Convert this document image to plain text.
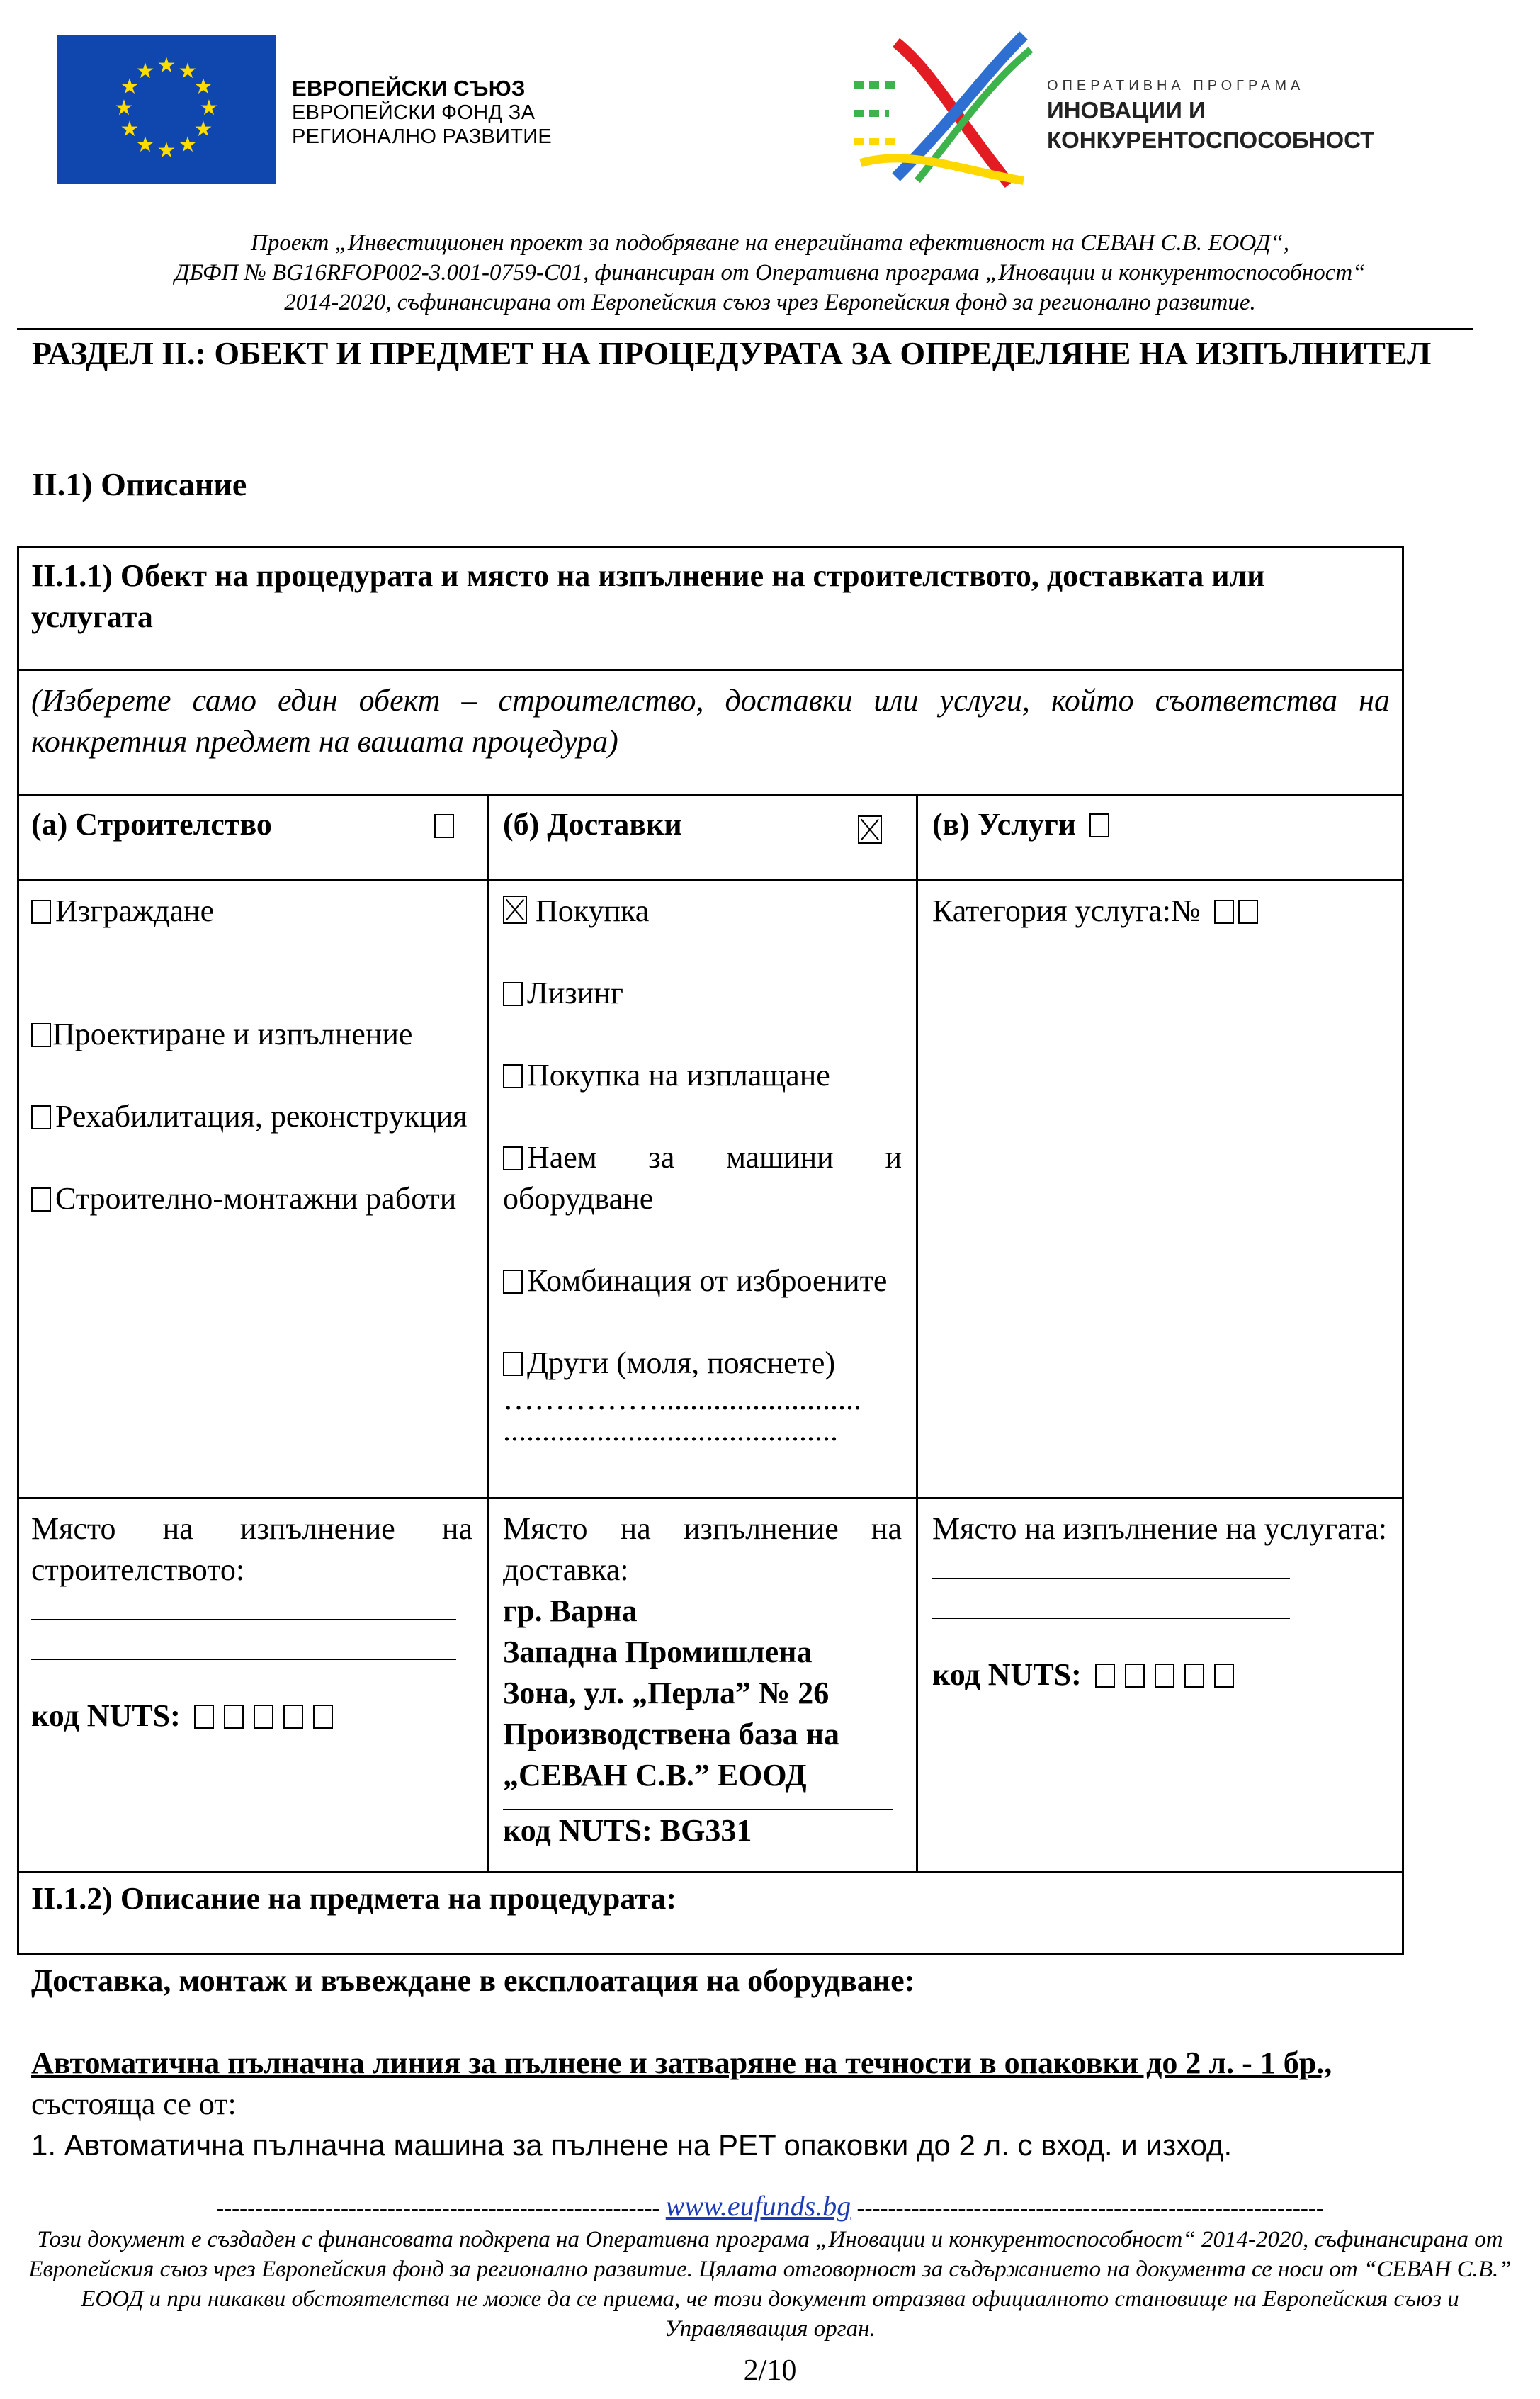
★ ★
★
★
★
★
★
★
★
★
★
★
ЕВРОПЕЙСКИ СЪЮЗ
ЕВРОПЕЙСКИ ФОНД ЗА
РЕГИОНАЛНО РАЗВИТИЕ
ОПЕРАТИВНА ПРОГРАМА
ИНОВАЦИИ И
КОНКУРЕНТОСПОСОБНОСТ
Проект „Инвестиционен проект за подобряване на енергийната ефективност на СЕВАН С.В. ЕООД“,
ДБФП № BG16RFOP002-3.001-0759-C01, финансиран от Оперативна програма „Иновации и конкурентоспособност“
2014-2020, съфинансирана от Европейския съюз чрез Европейския фонд за регионално развитие.
РАЗДЕЛ II.: ОБЕКТ И ПРЕДМЕТ НА ПРОЦЕДУРАТА ЗА ОПРЕДЕЛЯНЕ НА ИЗПЪЛНИТЕЛ
II.1) Описание
II.1.1) Обект на процедурата и място на изпълнение на строителството, доставката или услугата
(Изберете само един обект – строителство, доставки или услуги, който съответства на конкретния предмет на вашата процедура)
(а) Строителство	(б) Доставки	(в) Услуги
Изграждане
Проектиране и изпълнение
Рехабилитация, реконструкция
Строително-монтажни работи
Покупка
Лизинг
Покупка на изплащане
Наем за машини и оборудване
Комбинация от изброените
Други (моля, пояснете)
……………..........................
...........................................
Категория услуга:№
Място на изпълнение на строителството:
код NUTS:
Място на изпълнение на доставка:
гр. Варна
Западна Промишлена
Зона, ул. „Перла” № 26
Производствена база на
„СЕВАН С.В.” ЕООД
код NUTS: BG331
Място на изпълнение на услугата:
код NUTS:
II.1.2) Описание на предмета на процедурата:
Доставка, монтаж и въвеждане в експлоатация на оборудване:
Автоматична пълначна линия за пълнене и затваряне на течности в опаковки до 2 л. - 1 бр., състояща се от:
1. Автоматична пълначна машина за пълнене на PET опаковки до 2 л. с вход. и изход.
--------------------------------------------------------- www.eufunds.bg ------------------------------------------------------------
Този документ е създаден с финансовата подкрепа на Оперативна програма „Иновации и конкурентоспособност“ 2014-2020, съфинансирана от Европейския съюз чрез Европейския фонд за регионално развитие. Цялата отговорност за съдържанието на документа се носи от “СЕВАН С.В.” ЕООД и при никакви обстоятелства не може да се приема, че този документ отразява официалното становище на Европейския съюз и Управляващия орган.
2/10
